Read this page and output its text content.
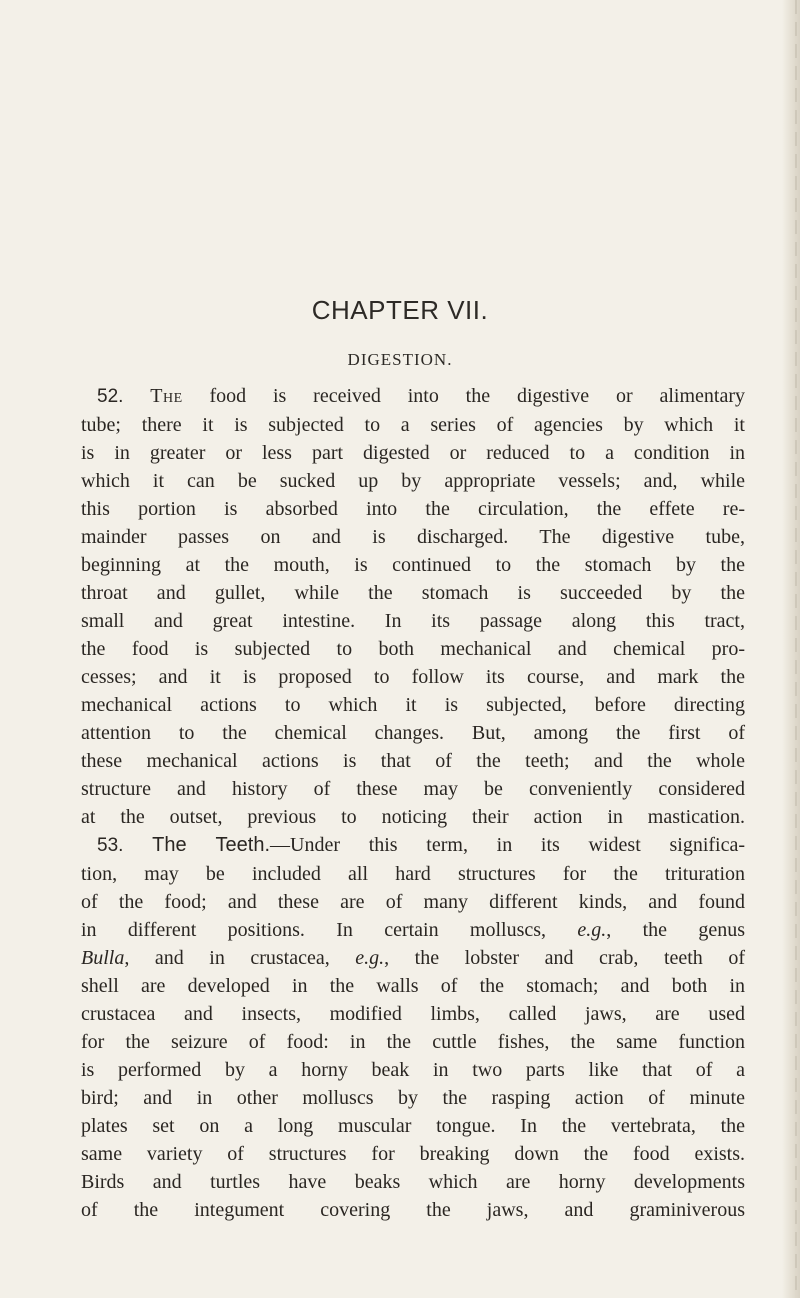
CHAPTER VII.
DIGESTION.

52. The food is received into the digestive or alimentary
tube; there it is subjected to a series of agencies by which it
is in greater or less part digested or reduced to a condition in
which it can be sucked up by appropriate vessels; and, while
this portion is absorbed into the circulation, the effete re-
mainder passes on and is discharged. The digestive tube,
beginning at the mouth, is continued to the stomach by the
throat and gullet, while the stomach is succeeded by the
small and great intestine. In its passage along this tract,
the food is subjected to both mechanical and chemical pro-
cesses; and it is proposed to follow its course, and mark the
mechanical actions to which it is subjected, before directing
attention to the chemical changes. But, among the first of
these mechanical actions is that of the teeth; and the whole
structure and history of these may be conveniently considered
at the outset, previous to noticing their action in mastication.

53. The Teeth.—Under this term, in its widest significa-
tion, may be included all hard structures for the trituration
of the food; and these are of many different kinds, and found
in different positions. In certain molluscs, e.g., the genus
Bulla, and in crustacea, e.g., the lobster and crab, teeth of
shell are developed in the walls of the stomach; and both in
crustacea and insects, modified limbs, called jaws, are used
for the seizure of food: in the cuttle fishes, the same function
is performed by a horny beak in two parts like that of a
bird; and in other molluscs by the rasping action of minute
plates set on a long muscular tongue. In the vertebrata, the
same variety of structures for breaking down the food exists.
Birds and turtles have beaks which are horny developments
of the integument covering the jaws, and graminiverous
